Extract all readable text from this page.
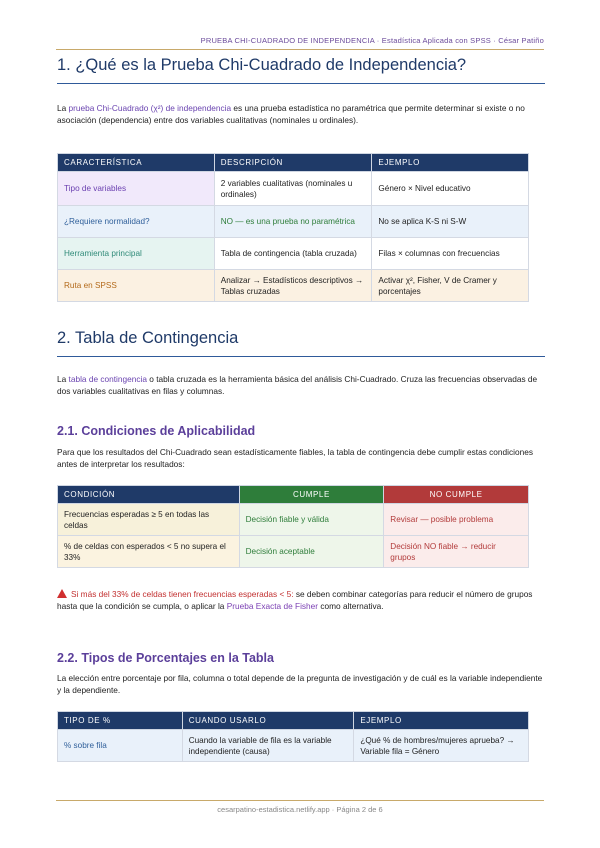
PRUEBA CHI-CUADRADO DE INDEPENDENCIA · Estadística Aplicada con SPSS · César Patiño
1. ¿Qué es la Prueba Chi-Cuadrado de Independencia?
La prueba Chi-Cuadrado (χ²) de independencia es una prueba estadística no paramétrica que permite determinar si existe o no asociación (dependencia) entre dos variables cualitativas (nominales u ordinales).
CARACTERÍSTICA	DESCRIPCIÓN	EJEMPLO
Tipo de variables	2 variables cualitativas (nominales u ordinales)	Género × Nivel educativo
¿Requiere normalidad?	NO — es una prueba no paramétrica	No se aplica K-S ni S-W
Herramienta principal	Tabla de contingencia (tabla cruzada)	Filas × columnas con frecuencias
Ruta en SPSS	Analizar → Estadísticos descriptivos → Tablas cruzadas	Activar χ², Fisher, V de Cramer y porcentajes
2. Tabla de Contingencia
La tabla de contingencia o tabla cruzada es la herramienta básica del análisis Chi-Cuadrado. Cruza las frecuencias observadas de dos variables cualitativas en filas y columnas.
2.1. Condiciones de Aplicabilidad
Para que los resultados del Chi-Cuadrado sean estadísticamente fiables, la tabla de contingencia debe cumplir estas condiciones antes de interpretar los resultados:
CONDICIÓN	CUMPLE	NO CUMPLE
Frecuencias esperadas ≥ 5 en todas las celdas	Decisión fiable y válida	Revisar — posible problema
% de celdas con esperados < 5 no supera el 33%	Decisión aceptable	Decisión NO fiable → reducir grupos
Si más del 33% de celdas tienen frecuencias esperadas < 5: se deben combinar categorías para reducir el número de grupos hasta que la condición se cumpla, o aplicar la Prueba Exacta de Fisher como alternativa.
2.2. Tipos de Porcentajes en la Tabla
La elección entre porcentaje por fila, columna o total depende de la pregunta de investigación y de cuál es la variable independiente y la dependiente.
TIPO DE %	CUANDO USARLO	EJEMPLO
% sobre fila	Cuando la variable de fila es la variable independiente (causa)	¿Qué % de hombres/mujeres aprueba? → Variable fila = Género
cesarpatino-estadistica.netlify.app · Página 2 de 6
